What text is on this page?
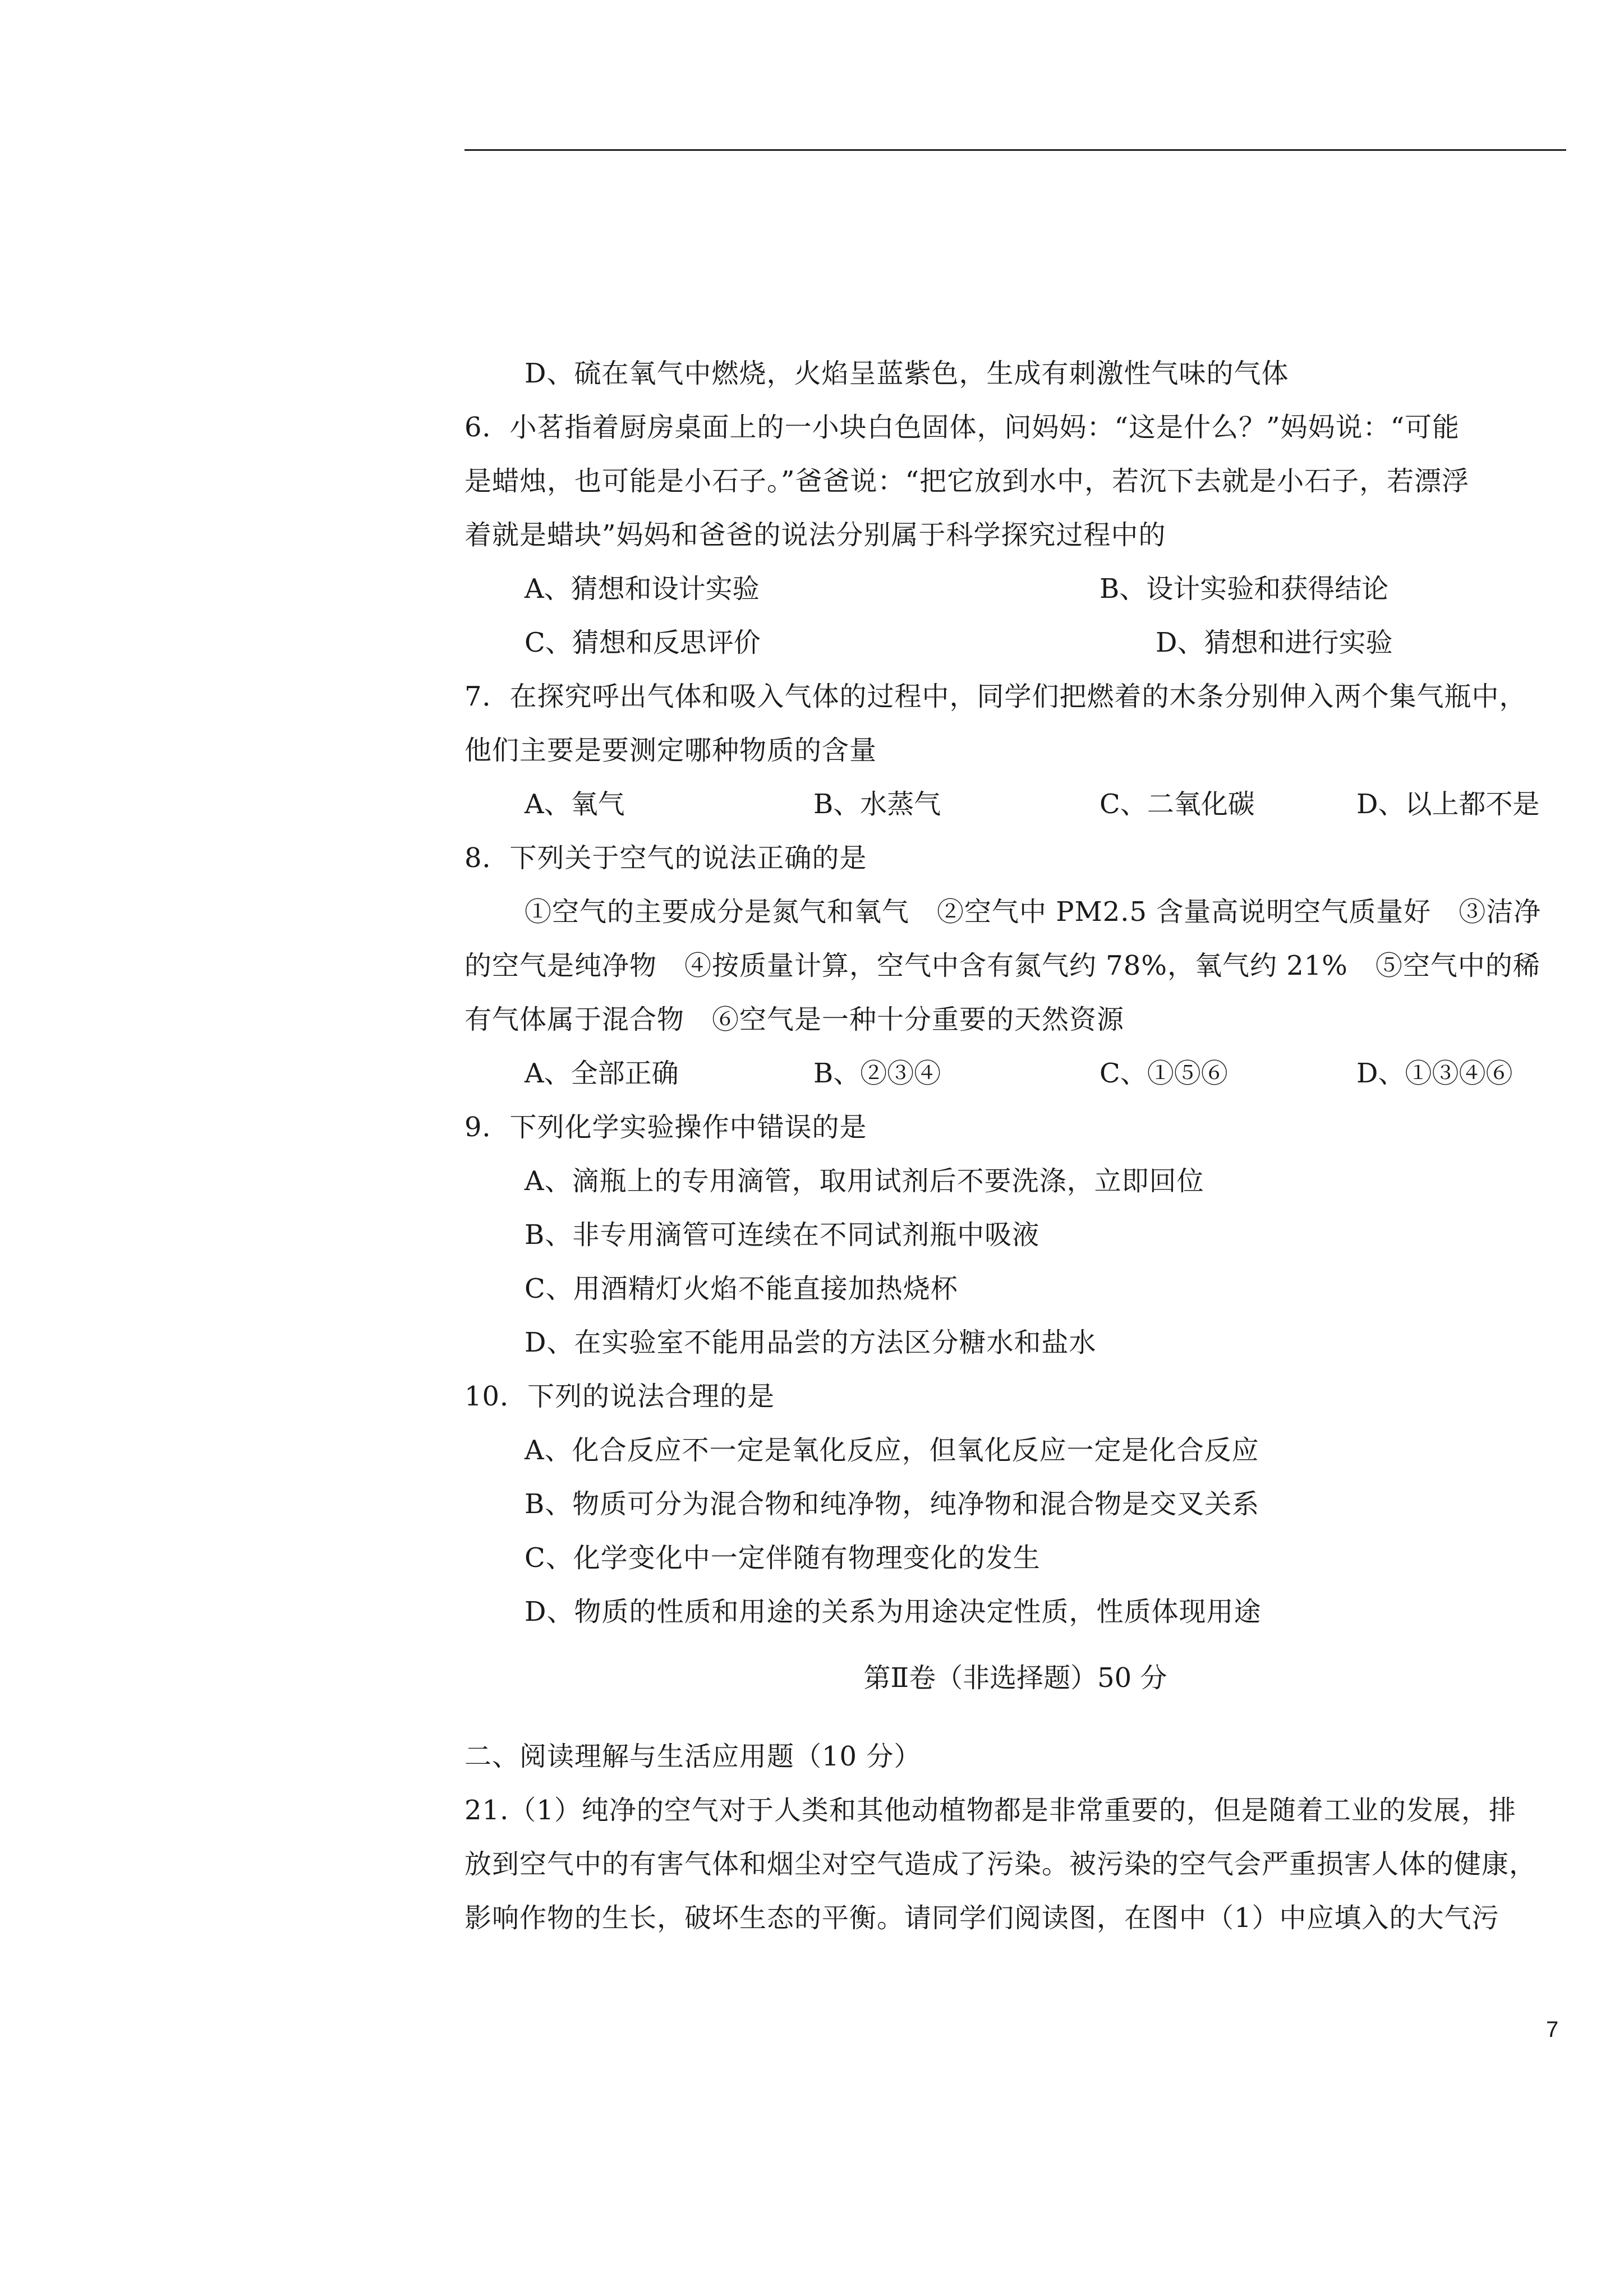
D、硫在氧气中燃烧，火焰呈蓝紫色，生成有刺激性气味的气体
6．小茗指着厨房桌面上的一小块白色固体，问妈妈：“这是什么？”妈妈说：“可能
是蜡烛，也可能是小石子。”爸爸说：“把它放到水中，若沉下去就是小石子，若漂浮
着就是蜡块”妈妈和爸爸的说法分别属于科学探究过程中的
A、猜想和设计实验	B、设计实验和获得结论
C、猜想和反思评价	D、猜想和进行实验
7．在探究呼出气体和吸入气体的过程中，同学们把燃着的木条分别伸入两个集气瓶中，
他们主要是要测定哪种物质的含量
A、氧气	B、水蒸气	C、二氧化碳	D、以上都不是
8．下列关于空气的说法正确的是
①空气的主要成分是氮气和氧气　②空气中 PM2.5 含量高说明空气质量好　③洁净
的空气是纯净物　④按质量计算，空气中含有氮气约 78%，氧气约 21%　⑤空气中的稀
有气体属于混合物　⑥空气是一种十分重要的天然资源
A、全部正确	B、②③④	C、①⑤⑥	D、①③④⑥
9．下列化学实验操作中错误的是
A、滴瓶上的专用滴管，取用试剂后不要洗涤，立即回位
B、非专用滴管可连续在不同试剂瓶中吸液
C、用酒精灯火焰不能直接加热烧杯
D、在实验室不能用品尝的方法区分糖水和盐水
10．下列的说法合理的是
A、化合反应不一定是氧化反应，但氧化反应一定是化合反应
B、物质可分为混合物和纯净物，纯净物和混合物是交叉关系
C、化学变化中一定伴随有物理变化的发生
D、物质的性质和用途的关系为用途决定性质，性质体现用途
第Ⅱ卷（非选择题）50 分
二、阅读理解与生活应用题（10 分）
21.（1）纯净的空气对于人类和其他动植物都是非常重要的，但是随着工业的发展，排
放到空气中的有害气体和烟尘对空气造成了污染。被污染的空气会严重损害人体的健康，
影响作物的生长，破坏生态的平衡。请同学们阅读图，在图中（1）中应填入的大气污
7
